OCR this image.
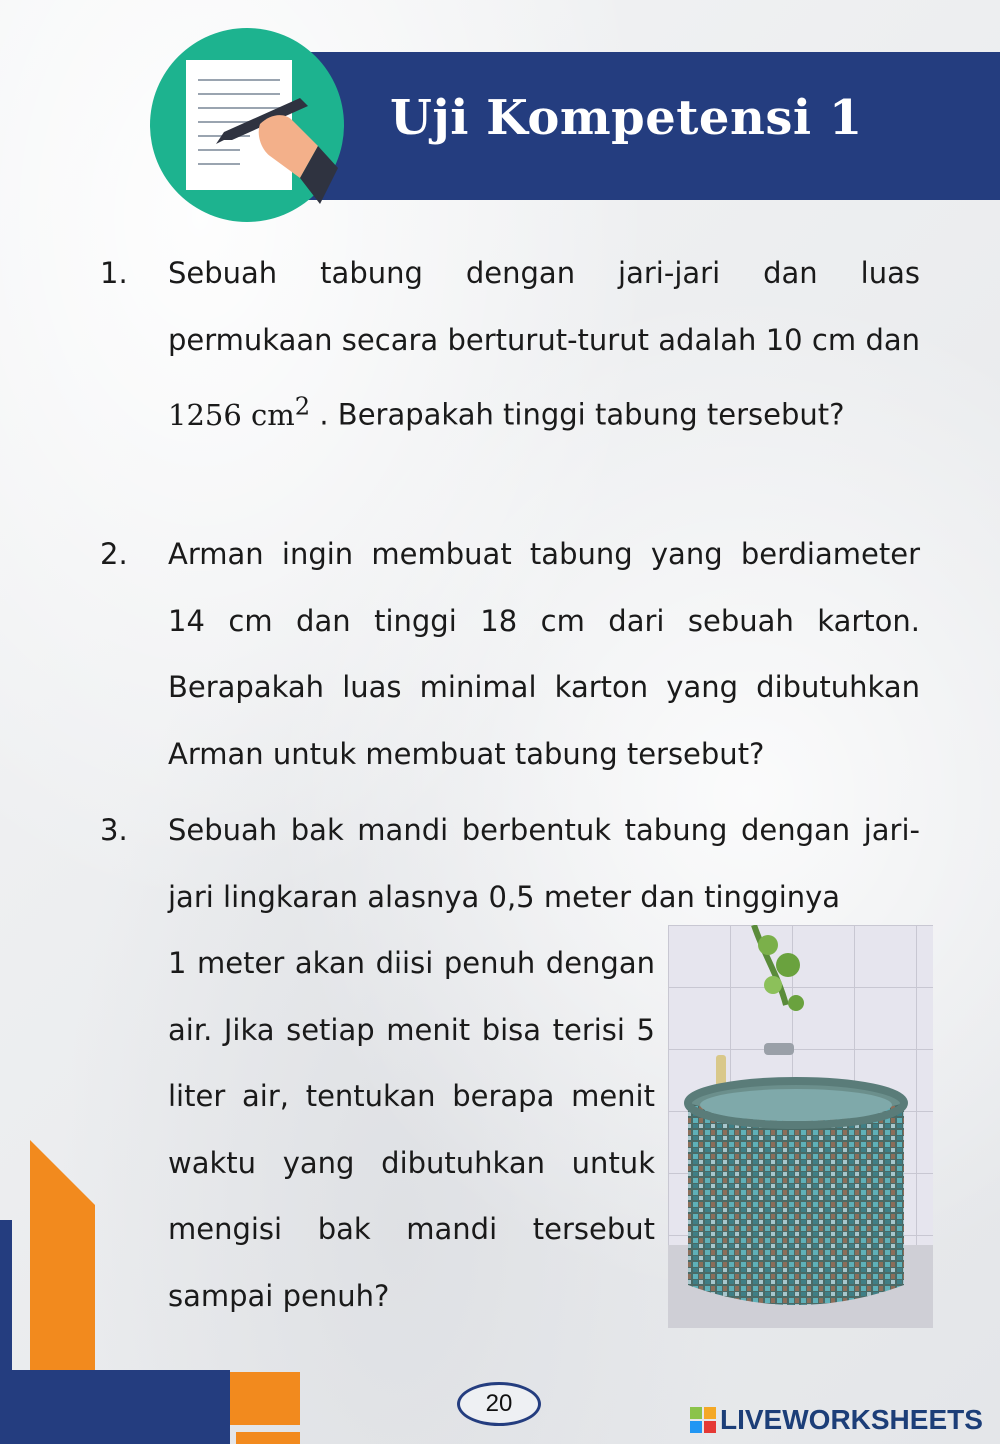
Uji Kompetensi 1
1. Sebuah tabung dengan jari-jari dan luas permukaan secara berturut-turut adalah 10 cm dan 1256 $cm^2$ . Berapakah tinggi tabung tersebut?
2. Arman ingin membuat tabung yang berdiameter 14 cm dan tinggi 18 cm dari sebuah karton. Berapakah luas minimal karton yang dibutuhkan Arman untuk membuat tabung tersebut?
3. Sebuah bak mandi berbentuk tabung dengan jari-jari lingkaran alasnya 0,5 meter dan tingginya
1 meter akan diisi penuh dengan air. Jika setiap menit bisa terisi 5 liter air, tentukan berapa menit waktu yang dibutuhkan untuk mengisi bak mandi tersebut sampai penuh?
20
LIVEWORKSHEETS
